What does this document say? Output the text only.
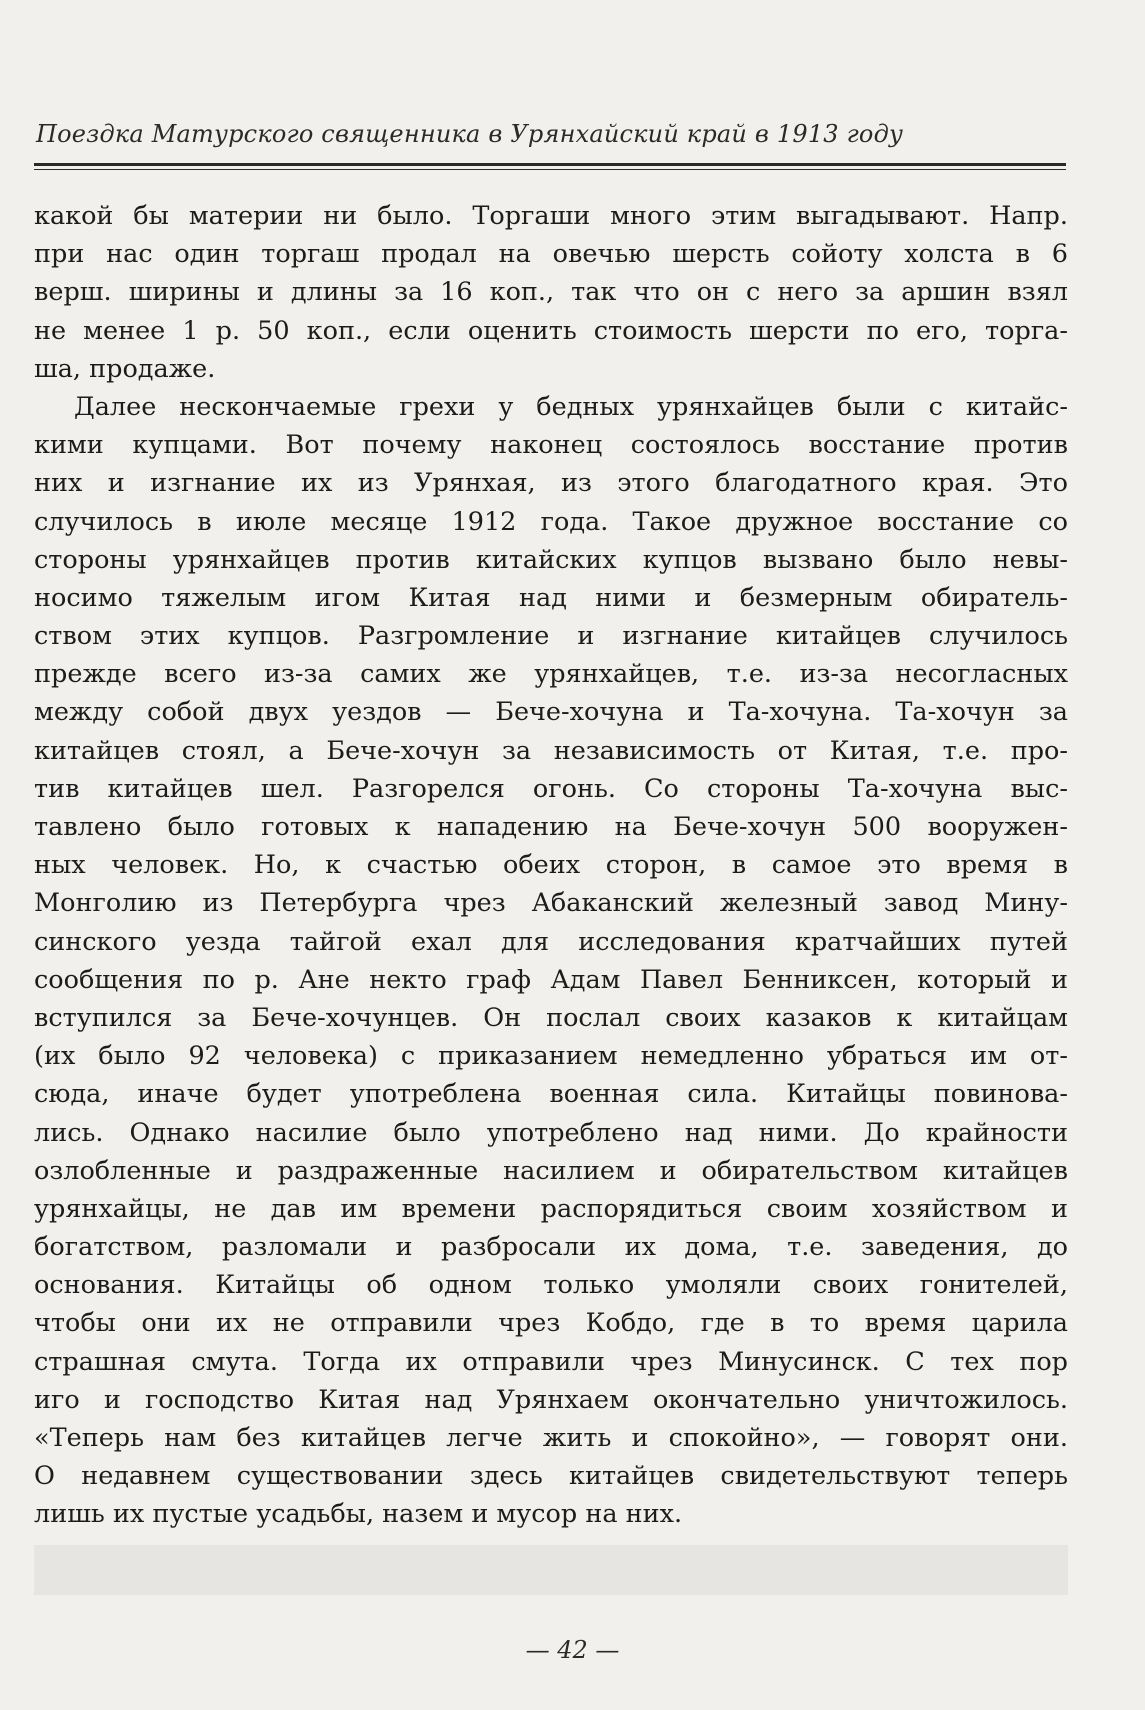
Поездка Матурского священника в Урянхайский край в 1913 году
какой бы материи ни было. Торгаши много этим выгадывают. Напр.
при нас один торгаш продал на овечью шерсть сойоту холста в 6
верш. ширины и длины за 16 коп., так что он с него за аршин взял
не менее 1 р. 50 коп., если оценить стоимость шерсти по его, торга-
ша, продаже.
Далее нескончаемые грехи у бедных урянхайцев были с китайс-
кими купцами. Вот почему наконец состоялось восстание против
них и изгнание их из Урянхая, из этого благодатного края. Это
случилось в июле месяце 1912 года. Такое дружное восстание со
стороны урянхайцев против китайских купцов вызвано было невы-
носимо тяжелым игом Китая над ними и безмерным обиратель-
ством этих купцов. Разгромление и изгнание китайцев случилось
прежде всего из-за самих же урянхайцев, т.е. из-за несогласных
между собой двух уездов — Бече-хочуна и Та-хочуна. Та-хочун за
китайцев стоял, а Бече-хочун за независимость от Китая, т.е. про-
тив китайцев шел. Разгорелся огонь. Со стороны Та-хочуна выс-
тавлено было готовых к нападению на Бече-хочун 500 вооружен-
ных человек. Но, к счастью обеих сторон, в самое это время в
Монголию из Петербурга чрез Абаканский железный завод Мину-
синского уезда тайгой ехал для исследования кратчайших путей
сообщения по р. Ане некто граф Адам Павел Бенниксен, который и
вступился за Бече-хочунцев. Он послал своих казаков к китайцам
(их было 92 человека) с приказанием немедленно убраться им от-
сюда, иначе будет употреблена военная сила. Китайцы повинова-
лись. Однако насилие было употреблено над ними. До крайности
озлобленные и раздраженные насилием и обирательством китайцев
урянхайцы, не дав им времени распорядиться своим хозяйством и
богатством, разломали и разбросали их дома, т.е. заведения, до
основания. Китайцы об одном только умоляли своих гонителей,
чтобы они их не отправили чрез Кобдо, где в то время царила
страшная смута. Тогда их отправили чрез Минусинск. С тех пор
иго и господство Китая над Урянхаем окончательно уничтожилось.
«Теперь нам без китайцев легче жить и спокойно», — говорят они.
О недавнем существовании здесь китайцев свидетельствуют теперь
лишь их пустые усадьбы, назем и мусор на них.
— 42 —
